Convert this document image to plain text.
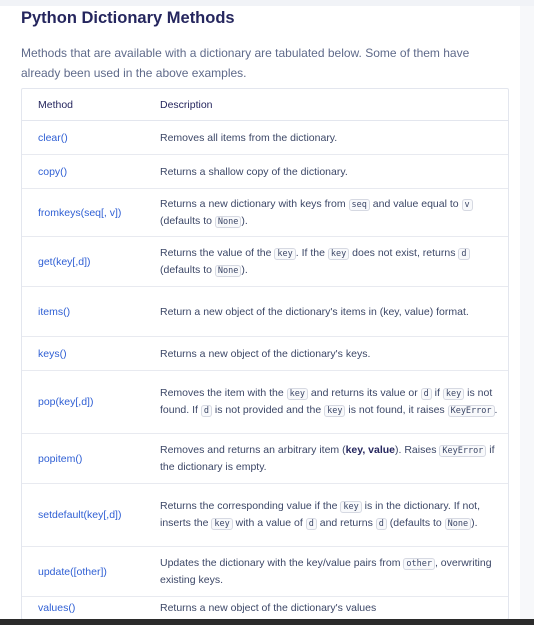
Python Dictionary Methods

Methods that are available with a dictionary are tabulated below. Some of them have already been used in the above examples.

Method	Description
clear()	Removes all items from the dictionary.
copy()	Returns a shallow copy of the dictionary.
fromkeys(seq[, v])	Returns a new dictionary with keys from seq and value equal to v (defaults to None ).
get(key[,d])	Returns the value of the key . If the key does not exist, returns d (defaults to None ).
items()	Return a new object of the dictionary's items in (key, value) format.
keys()	Returns a new object of the dictionary's keys.
pop(key[,d])	Removes the item with the key and returns its value or d if key is not found. If d is not provided and the key is not found, it raises KeyError .
popitem()	Removes and returns an arbitrary item (key, value). Raises KeyError if the dictionary is empty.
setdefault(key[,d])	Returns the corresponding value if the key is in the dictionary. If not, inserts the key with a value of d and returns d (defaults to None ).
update([other])	Updates the dictionary with the key/value pairs from other , overwriting existing keys.
values()	Returns a new object of the dictionary's values
